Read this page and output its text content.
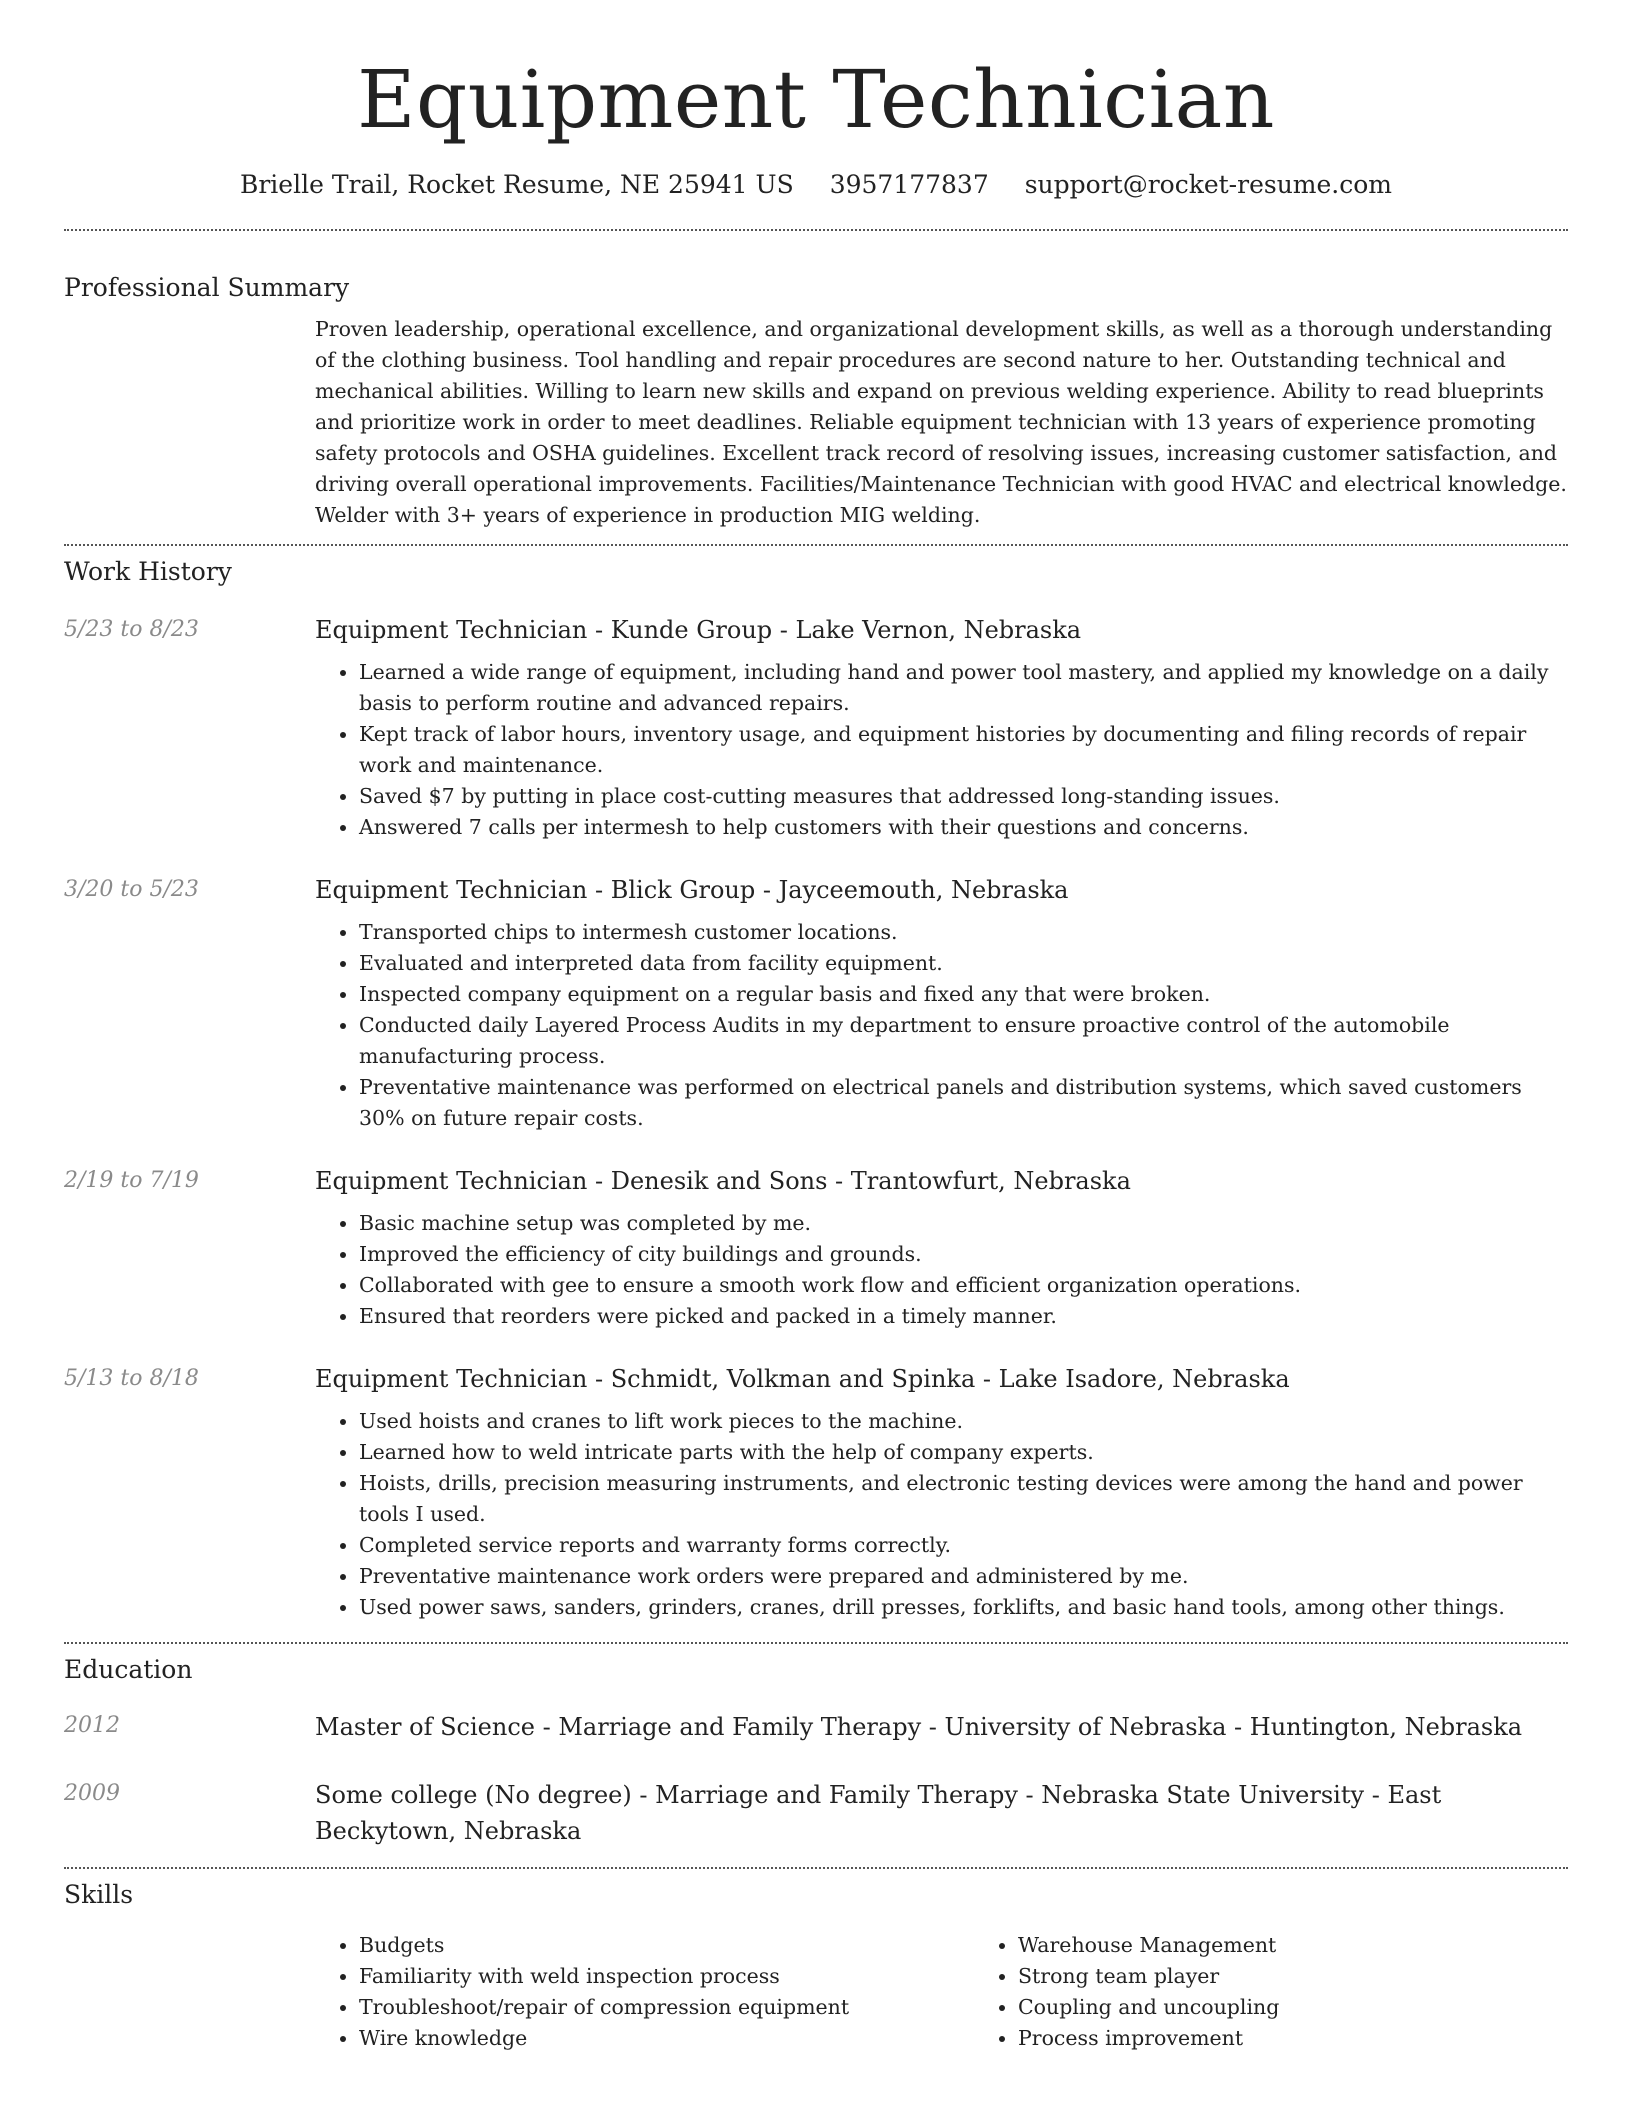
Equipment Technician
Brielle Trail, Rocket Resume, NE 25941 US 3957177837 support@rocket-resume.com
Professional Summary

Proven leadership, operational excellence, and organizational development skills, as well as a thorough understanding of the clothing business. Tool handling and repair procedures are second nature to her. Outstanding technical and mechanical abilities. Willing to learn new skills and expand on previous welding experience. Ability to read blueprints and prioritize work in order to meet deadlines. Reliable equipment technician with 13 years of experience promoting safety protocols and OSHA guidelines. Excellent track record of resolving issues, increasing customer satisfaction, and driving overall operational improvements. Facilities/Maintenance Technician with good HVAC and electrical knowledge. Welder with 3+ years of experience in production MIG welding.

Work History
5/23 to 8/23	Equipment Technician - Kunde Group - Lake Vernon, Nebraska
• Learned a wide range of equipment, including hand and power tool mastery, and applied my knowledge on a daily basis to perform routine and advanced repairs.
• Kept track of labor hours, inventory usage, and equipment histories by documenting and filing records of repair work and maintenance.
• Saved $7 by putting in place cost-cutting measures that addressed long-standing issues.
• Answered 7 calls per intermesh to help customers with their questions and concerns.
3/20 to 5/23	Equipment Technician - Blick Group - Jayceemouth, Nebraska
• Transported chips to intermesh customer locations.
• Evaluated and interpreted data from facility equipment.
• Inspected company equipment on a regular basis and fixed any that were broken.
• Conducted daily Layered Process Audits in my department to ensure proactive control of the automobile manufacturing process.
• Preventative maintenance was performed on electrical panels and distribution systems, which saved customers 30% on future repair costs.
2/19 to 7/19	Equipment Technician - Denesik and Sons - Trantowfurt, Nebraska
• Basic machine setup was completed by me.
• Improved the efficiency of city buildings and grounds.
• Collaborated with gee to ensure a smooth work flow and efficient organization operations.
• Ensured that reorders were picked and packed in a timely manner.
5/13 to 8/18	Equipment Technician - Schmidt, Volkman and Spinka - Lake Isadore, Nebraska
• Used hoists and cranes to lift work pieces to the machine.
• Learned how to weld intricate parts with the help of company experts.
• Hoists, drills, precision measuring instruments, and electronic testing devices were among the hand and power tools I used.
• Completed service reports and warranty forms correctly.
• Preventative maintenance work orders were prepared and administered by me.
• Used power saws, sanders, grinders, cranes, drill presses, forklifts, and basic hand tools, among other things.
Education
2012	Master of Science - Marriage and Family Therapy - University of Nebraska - Huntington, Nebraska
2009	Some college (No degree) - Marriage and Family Therapy - Nebraska State University - East Beckytown, Nebraska
Skills
• Budgets
• Familiarity with weld inspection process
• Troubleshoot/repair of compression equipment
• Wire knowledge
• Warehouse Management
• Strong team player
• Coupling and uncoupling
• Process improvement
